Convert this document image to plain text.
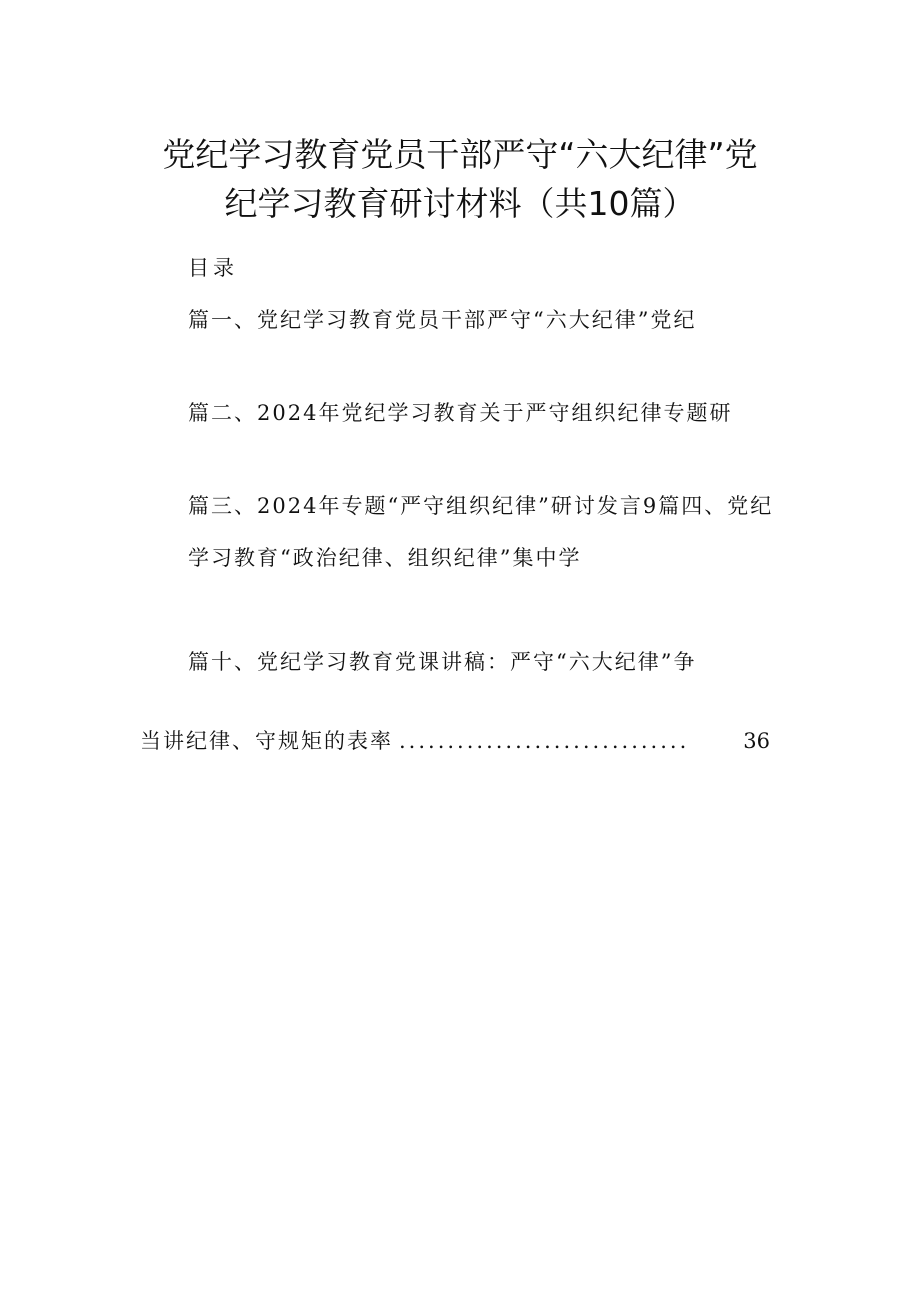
党纪学习教育党员干部严守“六大纪律”党
纪学习教育研讨材料（共10篇）
目录
篇一、党纪学习教育党员干部严守“六大纪律”党纪
篇二、2024年党纪学习教育关于严守组织纪律专题研
篇三、2024年专题“严守组织纪律”研讨发言9篇四、党纪
学习教育“政治纪律、组织纪律”集中学
篇十、党纪学习教育党课讲稿：严守“六大纪律”争
当讲纪律、守规矩的表率 ..............................	36
